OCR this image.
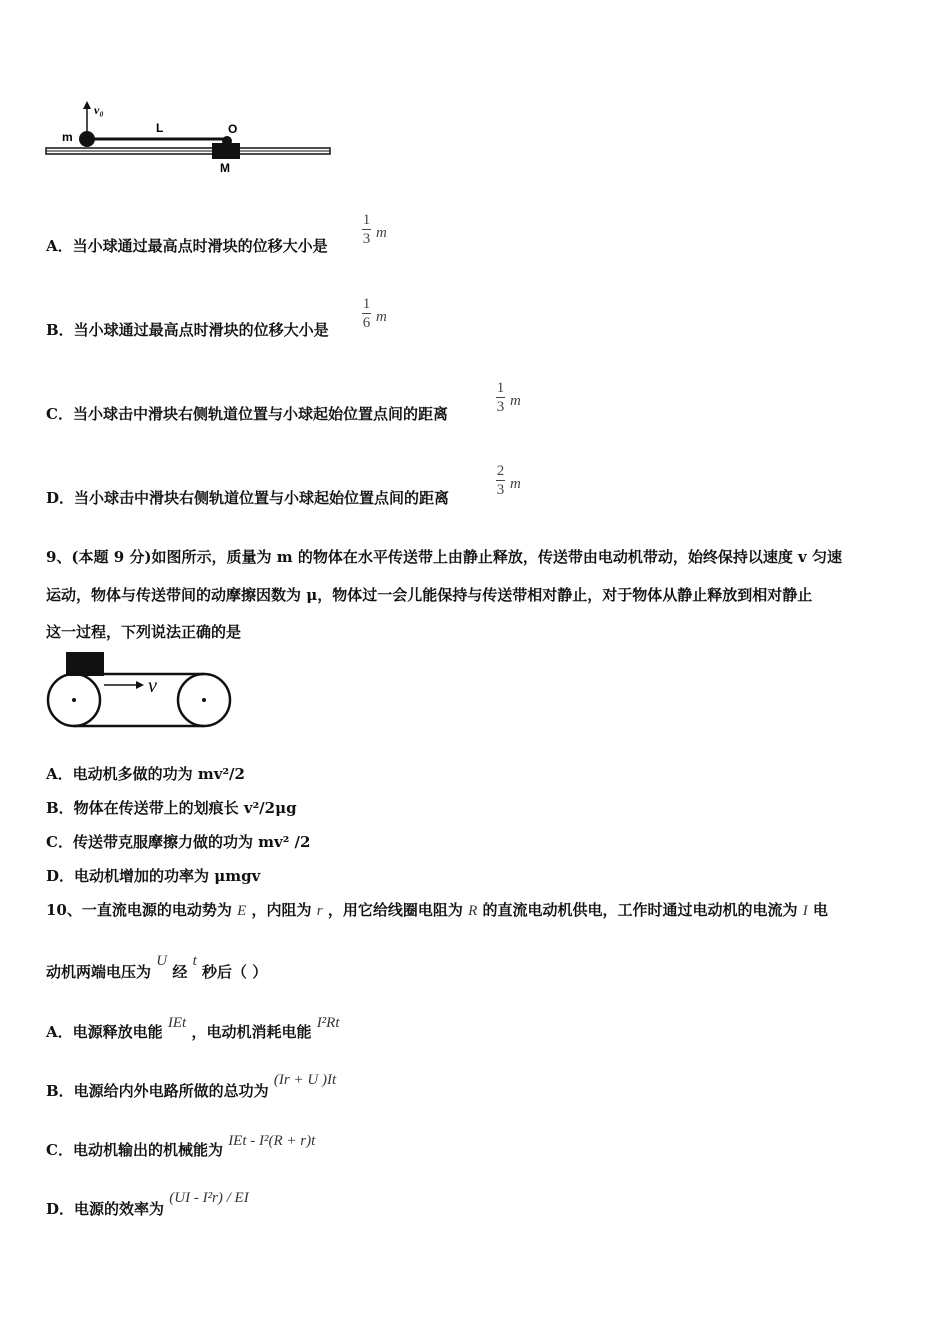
v₀
m
L	O
M
A．当小球通过最高点时滑块的位移大小是
1
3 m
B．当小球通过最高点时滑块的位移大小是
1
6 m
C．当小球击中滑块右侧轨道位置与小球起始位置点间的距离
1
3 m
D．当小球击中滑块右侧轨道位置与小球起始位置点间的距离
2
3 m
9、(本题 9 分)如图所示，质量为 m 的物体在水平传送带上由静止释放，传送带由电动机带动，始终保持以速度 v 匀速
运动，物体与传送带间的动摩擦因数为 μ，物体过一会儿能保持与传送带相对静止，对于物体从静止释放到相对静止
这一过程，下列说法正确的是
v
A．电动机多做的功为 mv²/2
B．物体在传送带上的划痕长 v²/2μg
C．传送带克服摩擦力做的功为 mv² /2
D．电动机增加的功率为 μmgv
10、一直流电源的电动势为 E ，内阻为 r ，用它给线圈电阻为 R 的直流电动机供电，工作时通过电动机的电流为 I 电
动机两端电压为 U 经 t 秒后（ ）
A．电源释放电能 IEt ，电动机消耗电能 I²Rt
B．电源给内外电路所做的总功为 (Ir + U )It
C．电动机输出的机械能为 IEt - I²(R + r)t
D．电源的效率为 (UI - I²r) / EI
